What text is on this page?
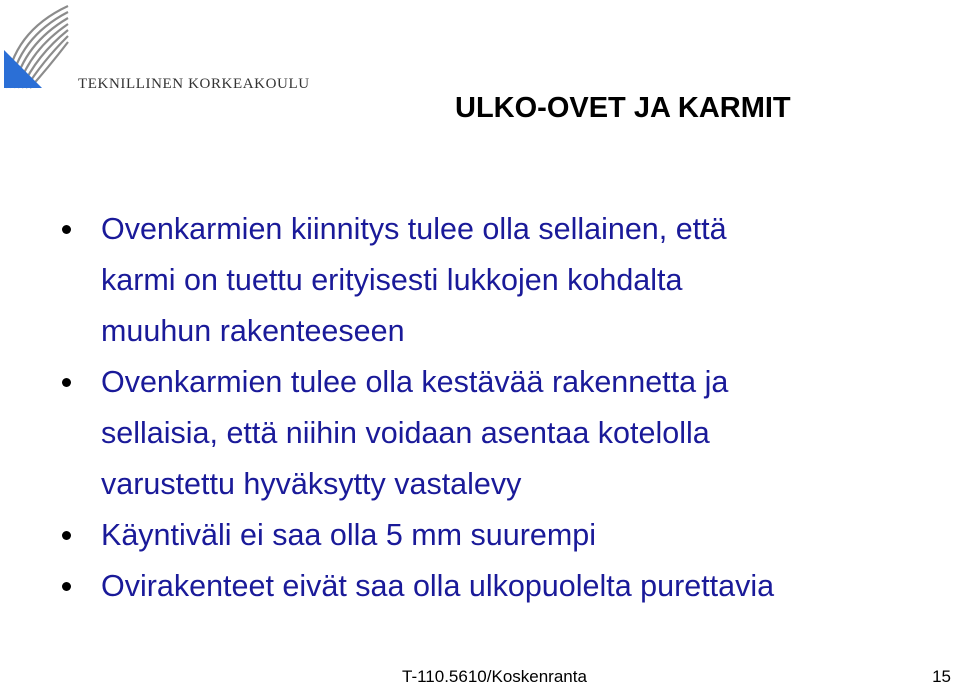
TEKNILLINEN KORKEAKOULU
ULKO-OVET JA KARMIT
Ovenkarmien kiinnitys tulee olla sellainen, että
karmi on tuettu erityisesti lukkojen kohdalta
muuhun rakenteeseen
Ovenkarmien tulee olla kestävää rakennetta ja
sellaisia, että niihin voidaan asentaa kotelolla
varustettu hyväksytty vastalevy
Käyntiväli ei saa olla 5 mm suurempi
Ovirakenteet eivät saa olla ulkopuolelta purettavia
T-110.5610/Koskenranta	15
